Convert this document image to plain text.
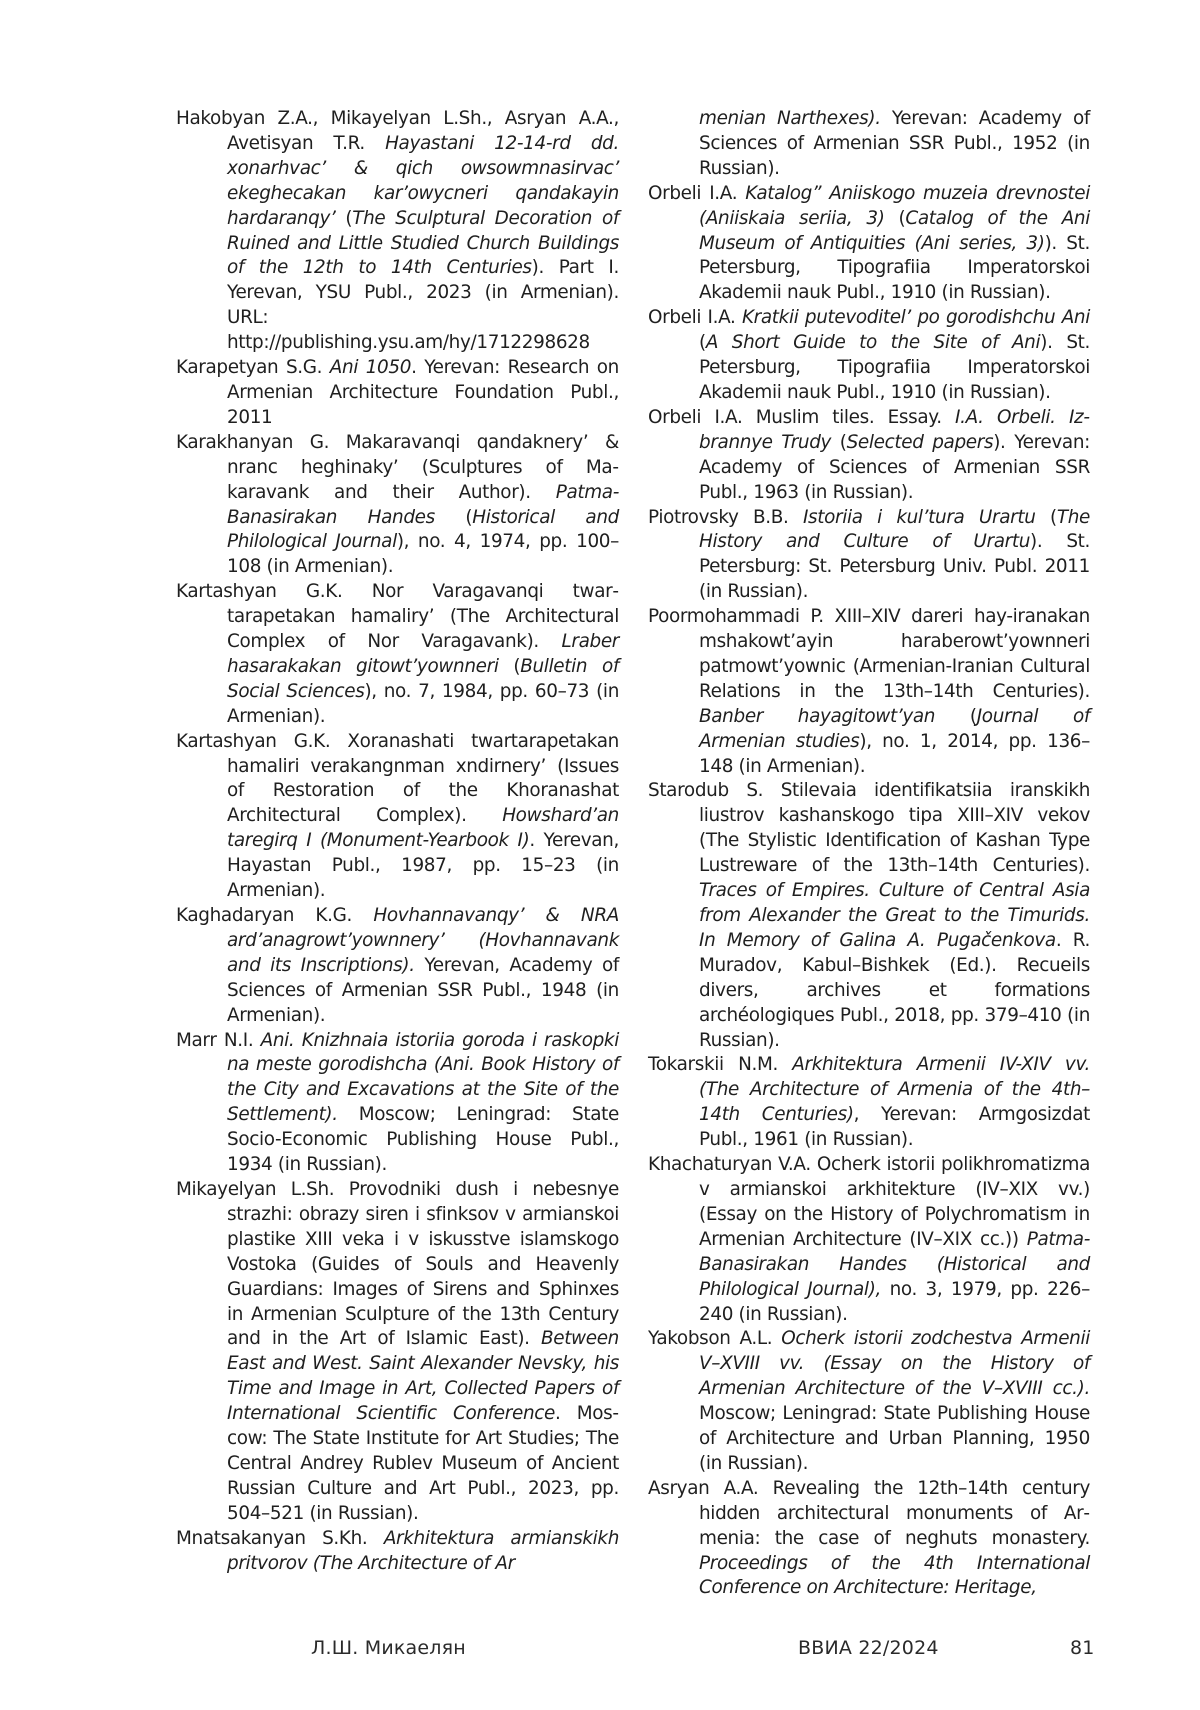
Hakobyan Z.A., Mikayelyan L.Sh., Asryan A.A., Avetisyan T.R. Hayastani 12-14-rd dd. xonarhvac’ & qich owsowmnasirvac’ ekeghecakan kar’owycneri qandakayin hardaranqy’ (The Sculptural Decoration of Ruined and Little Studied Church Buildings of the 12th to 14th Centuries). Part I. Yerevan, YSU Publ., 2023 (in Armenian). URL: http://publishing.ysu.am/hy/1712298628

Karapetyan S.G. Ani 1050. Yerevan: Research on Armenian Architecture Foundation Publ., 2011

Karakhanyan G. Makaravanqi qandaknery’ & nranc heghinaky’ (Sculptures of Makaravank and their Author). Patma-Banasirakan Handes (Historical and Philological Journal), no. 4, 1974, pp. 100–108 (in Armenian).

Kartashyan G.K. Nor Varagavanqi twartarapetakan hamaliry’ (The Architectural Complex of Nor Varagavank). Lraber hasarakakan gitowt’yownneri (Bulletin of Social Sciences), no. 7, 1984, pp. 60–73 (in Armenian).

Kartashyan G.K. Xoranashati twartarapetakan hamaliri verakangnman xndirnery’ (Issues of Restoration of the Khoranashat Architectural Complex). Howshard’an taregirq I (Monument-Yearbook I). Yerevan, Hayastan Publ., 1987, pp. 15–23 (in Armenian).

Kaghadaryan K.G. Hovhannavanqy’ & NRA ard’anagrowt’yownnery’ (Hovhannavank and its Inscriptions). Yerevan, Academy of Sciences of Armenian SSR Publ., 1948 (in Armenian).

Marr N.I. Ani. Knizhnaia istoriia goroda i raskopki na meste gorodishcha (Ani. Book History of the City and Excavations at the Site of the Settlement). Moscow; Leningrad: State Socio-Economic Publishing House Publ., 1934 (in Russian).

Mikayelyan L.Sh. Provodniki dush i nebesnye strazhi: obrazy siren i sfinksov v armianskoi plastike XIII veka i v iskusstve islamskogo Vostoka (Guides of Souls and Heavenly Guardians: Images of Sirens and Sphinxes in Armenian Sculpture of the 13th Century and in the Art of Islamic East). Between East and West. Saint Alexander Nevsky, his Time and Image in Art, Collected Papers of International Scientific Conference. Moscow: The State Institute for Art Studies; The Central Andrey Rublev Museum of Ancient Russian Culture and Art Publ., 2023, pp. 504–521 (in Russian).

Mnatsakanyan S.Kh. Arkhitektura armianskikh pritvorov (The Architecture of Ar

menian Narthexes). Yerevan: Academy of Sciences of Armenian SSR Publ., 1952 (in Russian).

Orbeli I.A. Katalog” Aniiskogo muzeia drevnostei (Aniiskaia seriia, 3) (Catalog of the Ani Museum of Antiquities (Ani series, 3)). St. Petersburg, Tipografiia Imperatorskoi Akademii nauk Publ., 1910 (in Russian).

Orbeli I.A. Kratkii putevoditel’ po gorodishchu Ani (A Short Guide to the Site of Ani). St. Petersburg, Tipografiia Imperatorskoi Akademii nauk Publ., 1910 (in Russian).

Orbeli I.A. Muslim tiles. Essay. I.A. Orbeli. Izbrannye Trudy (Selected papers). Yerevan: Academy of Sciences of Armenian SSR Publ., 1963 (in Russian).

Piotrovsky B.B. Istoriia i kul’tura Urartu (The History and Culture of Urartu). St. Petersburg: St. Petersburg Univ. Publ. 2011 (in Russian).

Poormohammadi P. XIII–XIV dareri hay-iranakan mshakowt’ayin haraberowt’yownneri patmowt’yownic (Armenian-Iranian Cultural Relations in the 13th–14th Centuries). Banber hayagitowt’yan (Journal of Armenian studies), no. 1, 2014, pp. 136–148 (in Armenian).

Starodub S. Stilevaia identifikatsiia iranskikh liustrov kashanskogo tipa XIII–XIV vekov (The Stylistic Identification of Kashan Type Lustreware of the 13th–14th Centuries). Traces of Empires. Culture of Central Asia from Alexander the Great to the Timurids. In Memory of Galina A. Pugačenkova. R. Muradov, Kabul–Bishkek (Ed.). Recueils divers, archives et formations archéologiques Publ., 2018, pp. 379–410 (in Russian).

Tokarskii N.M. Arkhitektura Armenii IV-XIV vv. (The Architecture of Armenia of the 4th–14th Centuries), Yerevan: Armgosizdat Publ., 1961 (in Russian).

Khachaturyan V.A. Ocherk istorii polikhromatizma v armianskoi arkhitekture (IV–XIX vv.) (Essay on the History of Polychromatism in Armenian Architecture (IV–XIX cc.)) Patma-Banasirakan Handes (Historical and Philological Journal), no. 3, 1979, pp. 226–240 (in Russian).

Yakobson A.L. Ocherk istorii zodchestva Armenii V–XVIII vv. (Essay on the History of Armenian Architecture of the V–XVIII cc.). Moscow; Leningrad: State Publishing House of Architecture and Urban Planning, 1950 (in Russian).

Asryan A.A. Revealing the 12th–14th century hidden architectural monuments of Armenia: the case of neghuts monastery. Proceedings of the 4th International Conference on Architecture: Heritage,

Л.Ш. Микаелян	ВВИА 22/2024	81
